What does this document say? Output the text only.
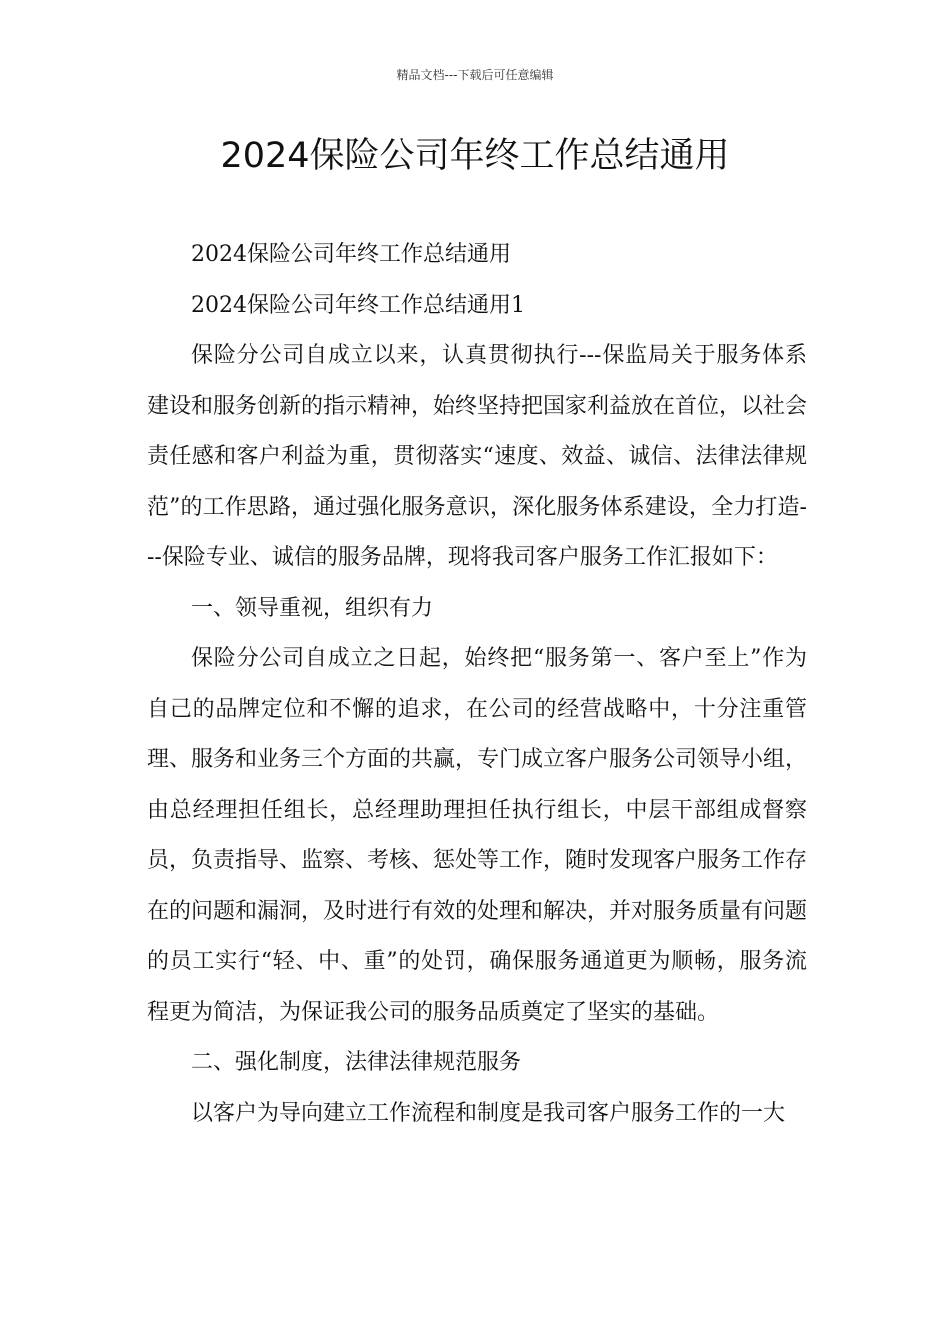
精品文档---下载后可任意编辑
2024保险公司年终工作总结通用

2024保险公司年终工作总结通用

2024保险公司年终工作总结通用1

保险分公司自成立以来，认真贯彻执行---保监局关于服务体系建设和服务创新的指示精神，始终坚持把国家利益放在首位，以社会责任感和客户利益为重，贯彻落实“速度、效益、诚信、法律法律规范”的工作思路，通过强化服务意识，深化服务体系建设，全力打造---保险专业、诚信的服务品牌，现将我司客户服务工作汇报如下：

一、领导重视，组织有力

保险分公司自成立之日起，始终把“服务第一、客户至上”作为自己的品牌定位和不懈的追求，在公司的经营战略中，十分注重管理、服务和业务三个方面的共赢，专门成立客户服务公司领导小组，由总经理担任组长，总经理助理担任执行组长，中层干部组成督察员，负责指导、监察、考核、惩处等工作，随时发现客户服务工作存在的问题和漏洞，及时进行有效的处理和解决，并对服务质量有问题的员工实行“轻、中、重”的处罚，确保服务通道更为顺畅，服务流程更为简洁，为保证我公司的服务品质奠定了坚实的基础。

二、强化制度，法律法律规范服务

以客户为导向建立工作流程和制度是我司客户服务工作的一大
